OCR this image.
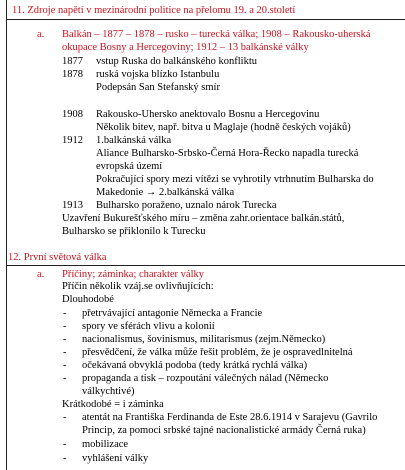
11. Zdroje napětí v mezinárodní politice na přelomu 19. a 20.století
a. Balkán – 1877 – 1878 – rusko – turecká válka; 1908 – Rakousko-uherská
okupace Bosny a Hercegoviny; 1912 – 13 balkánské války
1877	vstup Ruska do balkánského konfliktu
1878	ruská vojska blízko Istanbulu
Podepsán San Stefanský smír
1908	Rakousko-Uhersko anektovalo Bosnu a Hercegovinu
Několik bitev, např. bitva u Maglaje (hodně českých vojáků)
1912	1.balkánská válka
Aliance Bulharsko-Srbsko-Černá Hora-Řecko napadla turecká
evropská území
Pokračující spory mezi vítězi se vyhrotily vtrhnutím Bulharska do
Makedonie → 2.balkánská válka
1913	Bulharsko poraženo, uznalo nárok Turecka
Uzavření Bukurešťského míru – změna zahr.orientace balkán.států,
Bulharsko se přiklonilo k Turecku
12. První světová válka
a. Příčiny; záminka; charakter války
Příčin několik vzáj.se ovlivňujících:
Dlouhodobé
- přetrvávající antagonie Německa a Francie
- spory ve sférách vlivu a kolonií
- nacionalismus, šovinismus, militarismus (zejm.Německo)
- přesvědčení, že válka může řešit problém, že je ospravedlnitelná
- očekávaná obvyklá podoba (tedy krátká rychlá válka)
- propaganda a tisk – rozpoutání válečných nálad (Německo
válkychtivé)
Krátkodobé = i záminka
- atentát na Františka Ferdinanda de Este 28.6.1914 v Sarajevu (Gavrilo
Princip, za pomoci srbské tajné nacionalistické armády Černá ruka)
- mobilizace
- vyhlášení války
